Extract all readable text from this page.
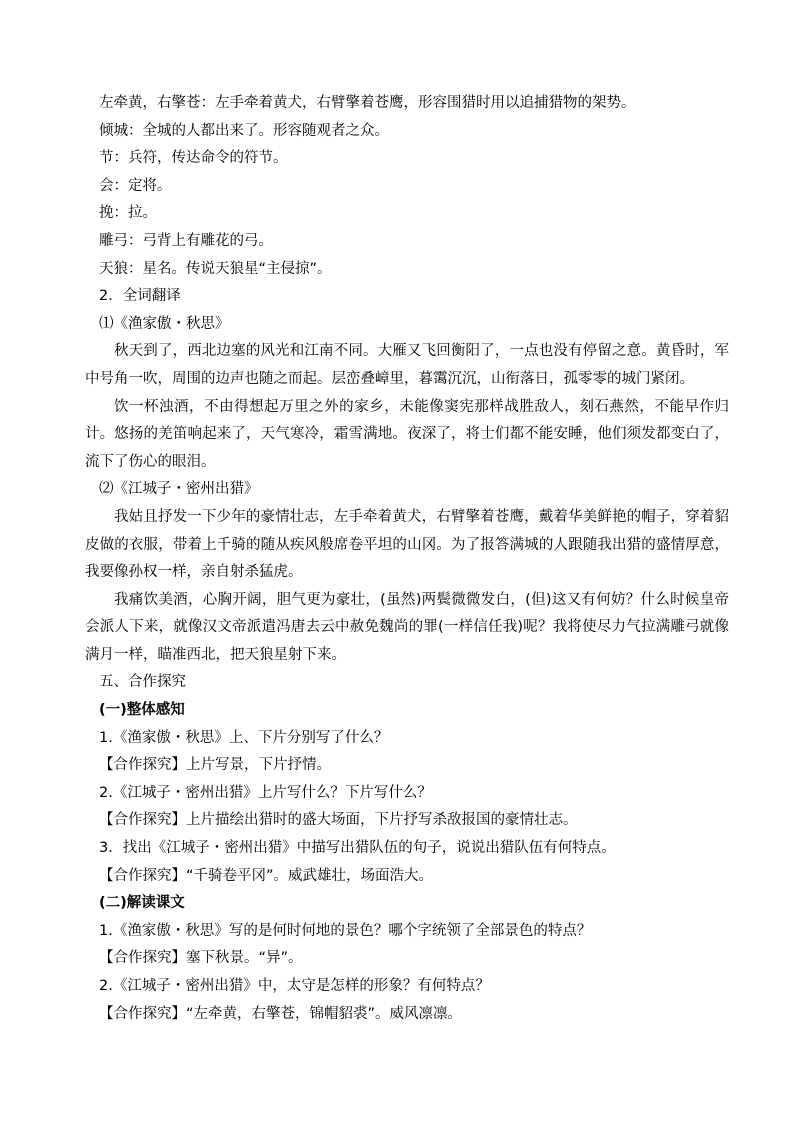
左牵黄，右擎苍：左手牵着黄犬，右臂擎着苍鹰，形容围猎时用以追捕猎物的架势。
倾城：全城的人都出来了。形容随观者之众。
节：兵符，传达命令的符节。
会：定将。
挽：拉。
雕弓：弓背上有雕花的弓。
天狼：星名。传说天狼星“主侵掠”。
2．全词翻译
⑴《渔家傲・秋思》
秋天到了，西北边塞的风光和江南不同。大雁又飞回衡阳了，一点也没有停留之意。黄昏时，军中号角一吹，周围的边声也随之而起。层峦叠嶂里，暮霭沉沉，山衔落日，孤零零的城门紧闭。
饮一杯浊酒，不由得想起万里之外的家乡，未能像窦宪那样战胜敌人，刻石燕然，不能早作归计。悠扬的羌笛响起来了，天气寒冷，霜雪满地。夜深了，将士们都不能安睡，他们须发都变白了，流下了伤心的眼泪。
⑵《江城子・密州出猎》
我姑且抒发一下少年的豪情壮志，左手牵着黄犬，右臂擎着苍鹰，戴着华美鲜艳的帽子，穿着貂皮做的衣服，带着上千骑的随从疾风般席卷平坦的山冈。为了报答满城的人跟随我出猎的盛情厚意，我要像孙权一样，亲自射杀猛虎。
我痛饮美酒，心胸开阔，胆气更为豪壮，(虽然)两鬓微微发白，(但)这又有何妨？什么时候皇帝会派人下来，就像汉文帝派遣冯唐去云中赦免魏尚的罪(一样信任我)呢？我将使尽力气拉满雕弓就像满月一样，瞄准西北，把天狼星射下来。
五、合作探究
(一)整体感知
1.《渔家傲・秋思》上、下片分别写了什么？
【合作探究】上片写景，下片抒情。
2.《江城子・密州出猎》上片写什么？下片写什么？
【合作探究】上片描绘出猎时的盛大场面，下片抒写杀敌报国的豪情壮志。
3．找出《江城子・密州出猎》中描写出猎队伍的句子，说说出猎队伍有何特点。
【合作探究】“千骑卷平冈”。威武雄壮，场面浩大。
(二)解读课文
1.《渔家傲・秋思》写的是何时何地的景色？哪个字统领了全部景色的特点？
【合作探究】塞下秋景。“异”。
2.《江城子・密州出猎》中，太守是怎样的形象？有何特点？
【合作探究】“左牵黄，右擎苍，锦帽貂裘”。威风凛凛。
